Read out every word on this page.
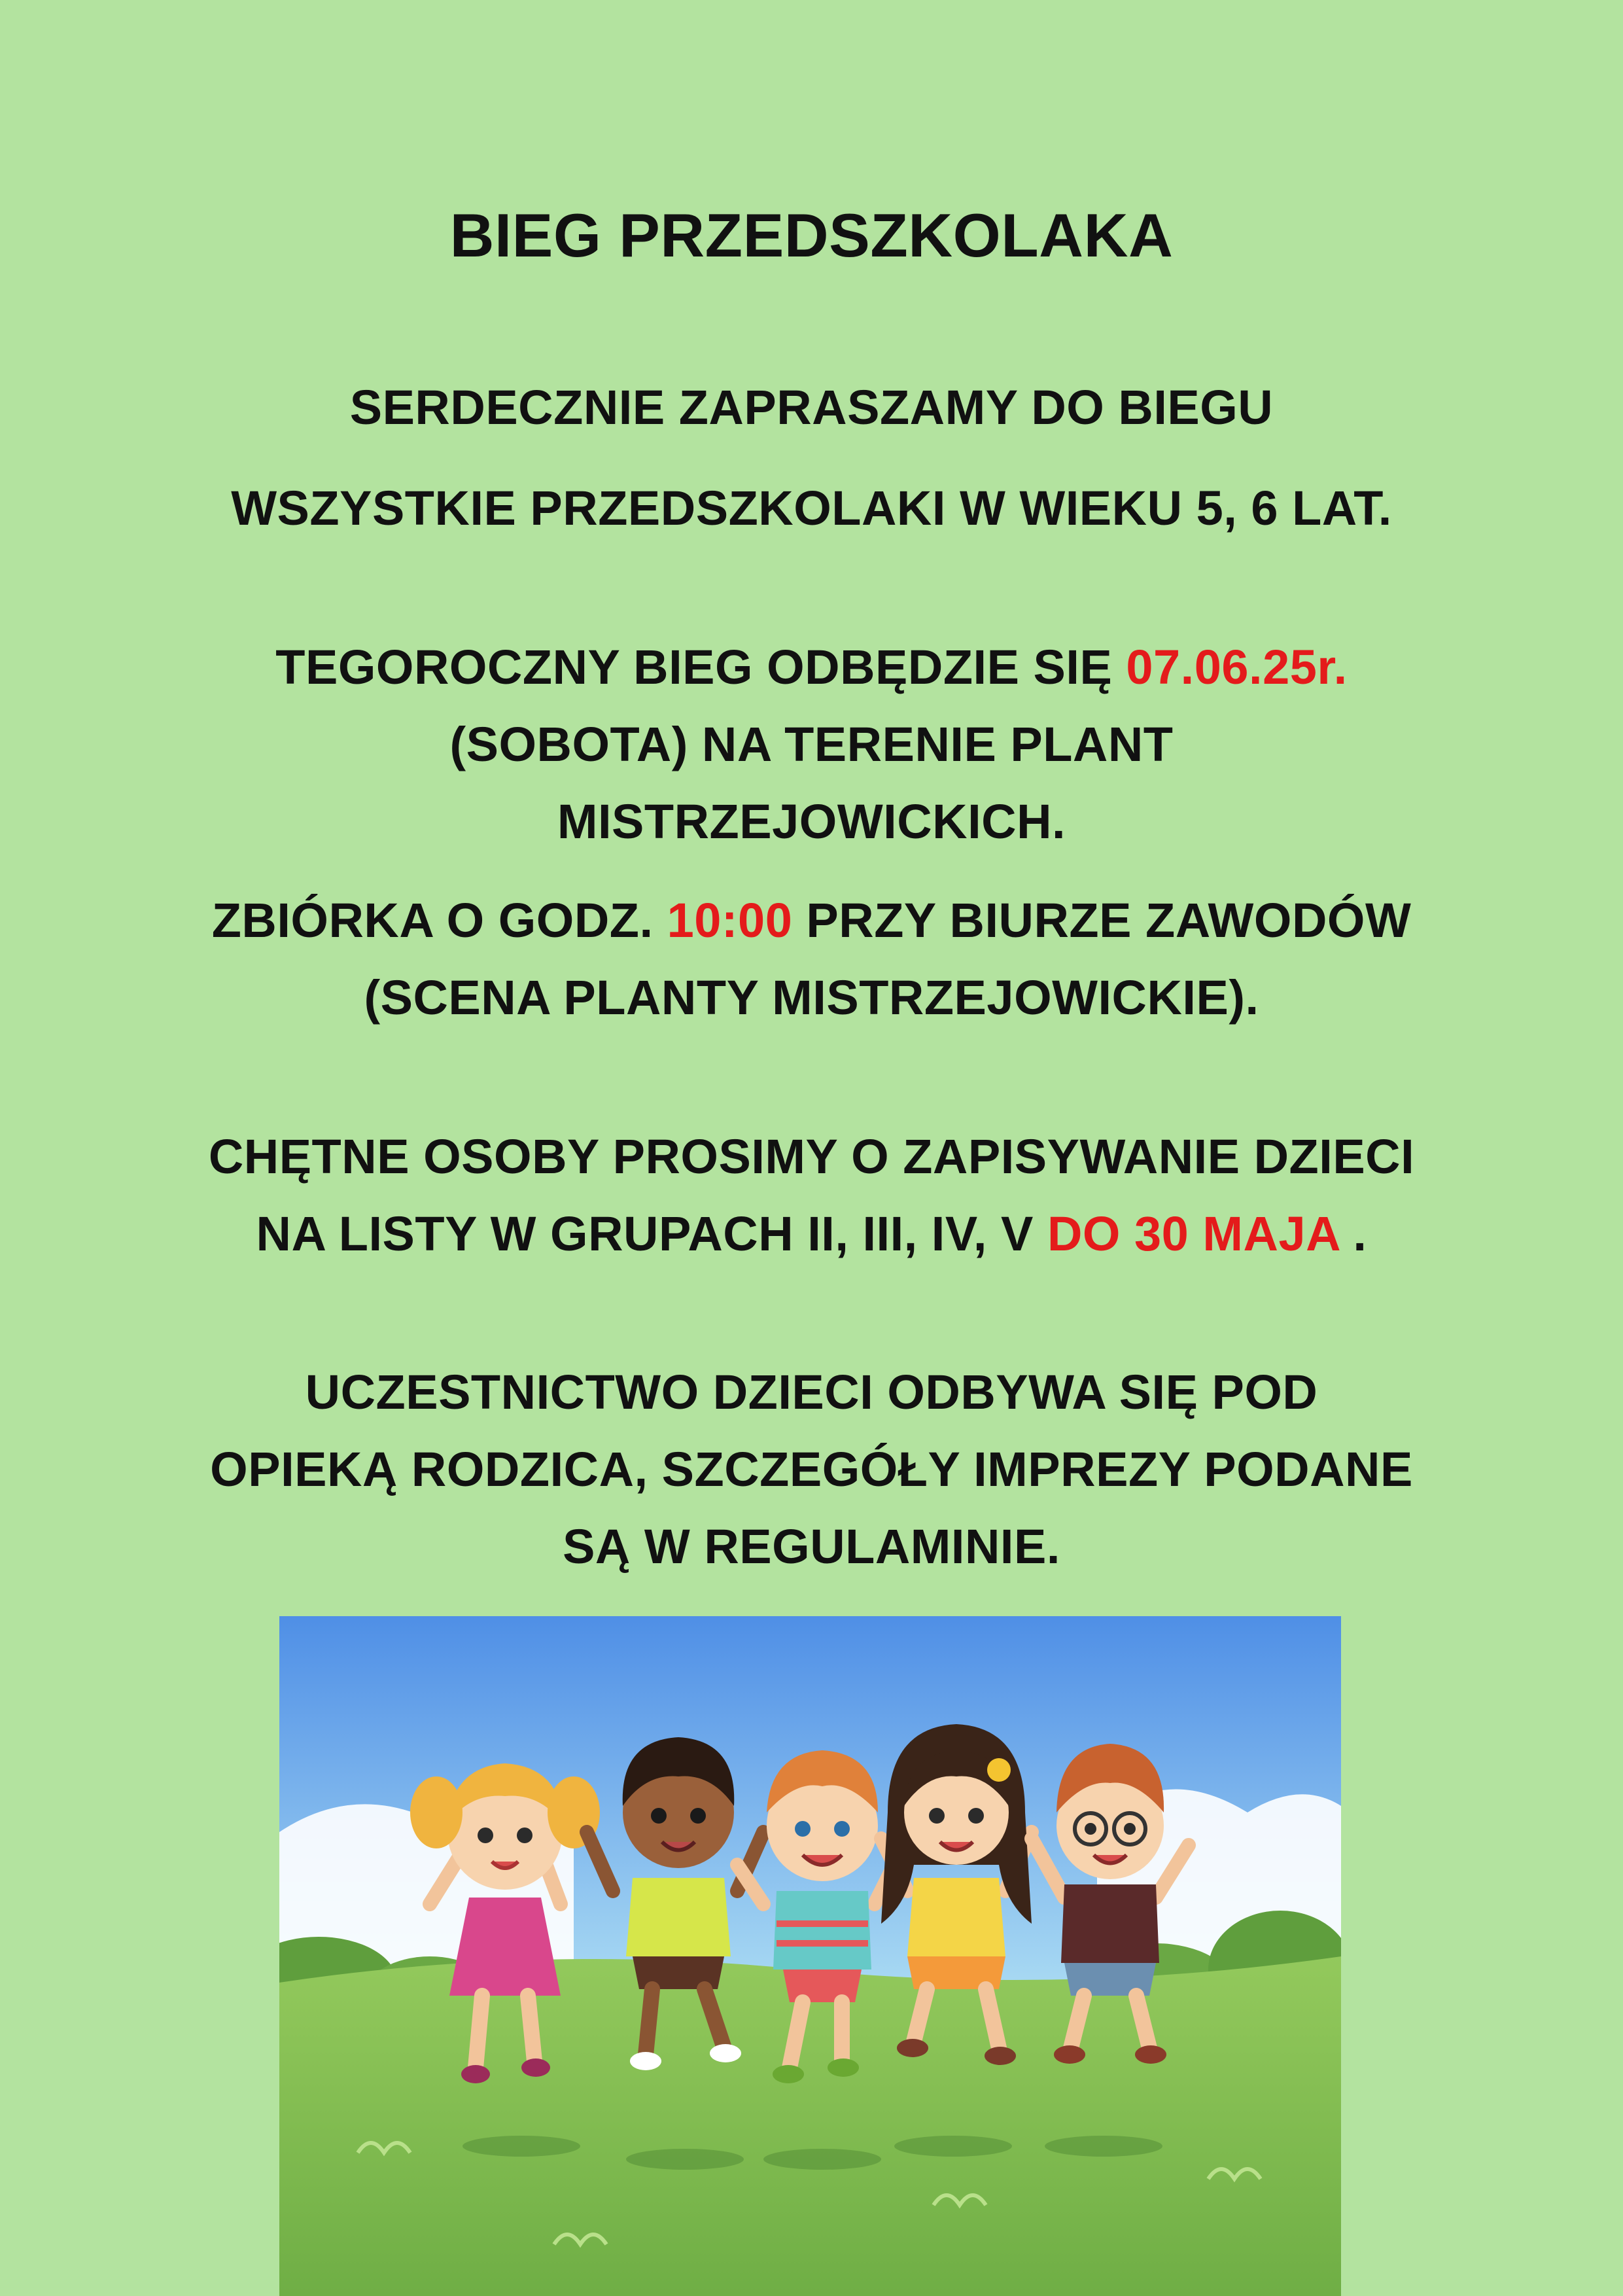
BIEG PRZEDSZKOLAKA
SERDECZNIE ZAPRASZAMY DO BIEGU
WSZYSTKIE PRZEDSZKOLAKI W WIEKU 5, 6 LAT.
TEGOROCZNY BIEG ODBĘDZIE SIĘ 07.06.25r.
(SOBOTA) NA TERENIE PLANT
MISTRZEJOWICKICH.
ZBIÓRKA O GODZ. 10:00 PRZY BIURZE ZAWODÓW
(SCENA PLANTY MISTRZEJOWICKIE).
CHĘTNE OSOBY PROSIMY O ZAPISYWANIE DZIECI
NA LISTY W GRUPACH II, III, IV, V DO 30 MAJA .
UCZESTNICTWO DZIECI ODBYWA SIĘ POD
OPIEKĄ RODZICA, SZCZEGÓŁY IMPREZY PODANE
SĄ W REGULAMINIE.
